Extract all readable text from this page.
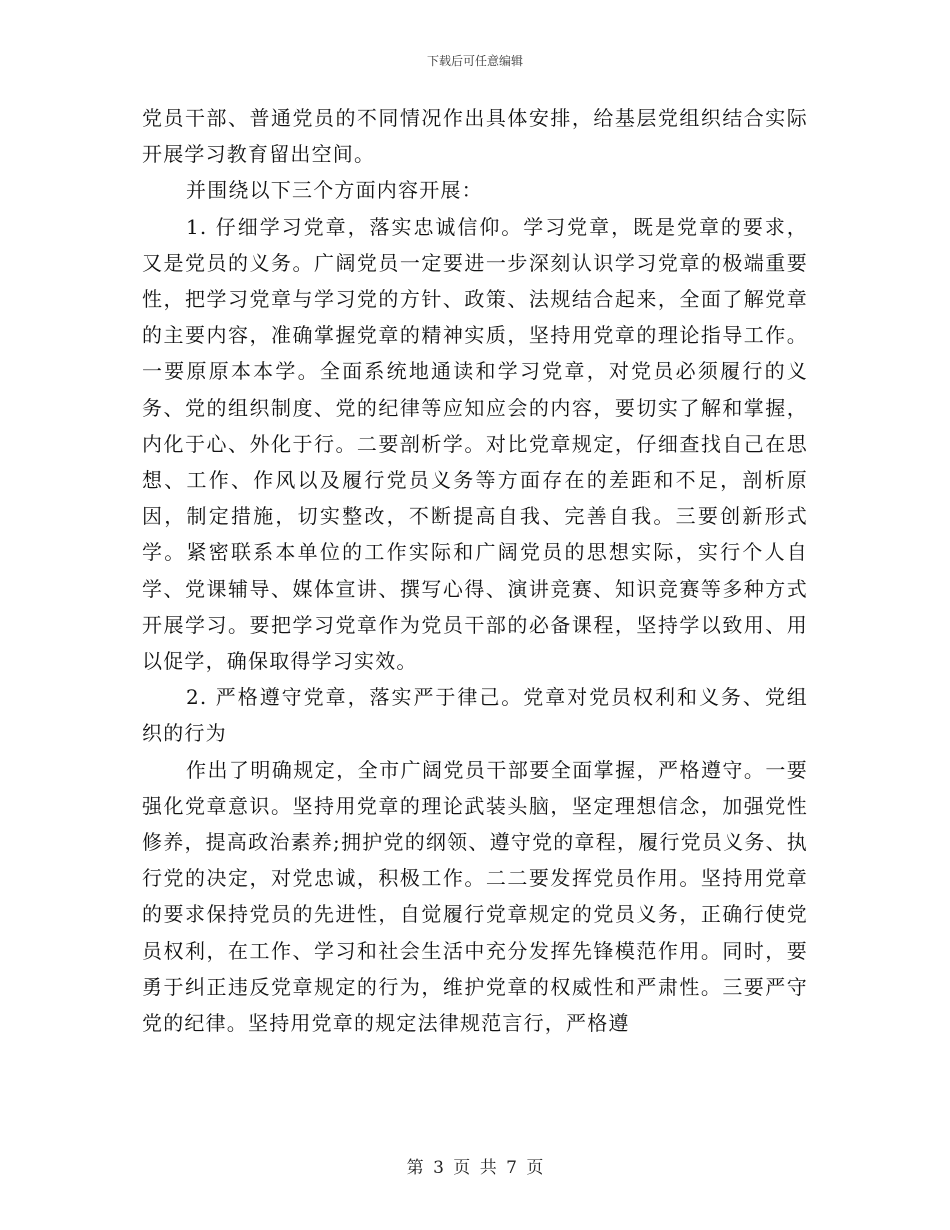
下载后可任意编辑

党员干部、普通党员的不同情况作出具体安排，给基层党组织结合实际开展学习教育留出空间。

并围绕以下三个方面内容开展：

1. 仔细学习党章，落实忠诚信仰。学习党章，既是党章的要求，又是党员的义务。广阔党员一定要进一步深刻认识学习党章的极端重要性，把学习党章与学习党的方针、政策、法规结合起来，全面了解党章的主要内容，准确掌握党章的精神实质，坚持用党章的理论指导工作。一要原原本本学。全面系统地通读和学习党章，对党员必须履行的义务、党的组织制度、党的纪律等应知应会的内容，要切实了解和掌握，内化于心、外化于行。二要剖析学。对比党章规定，仔细查找自己在思想、工作、作风以及履行党员义务等方面存在的差距和不足，剖析原因，制定措施，切实整改，不断提高自我、完善自我。三要创新形式学。紧密联系本单位的工作实际和广阔党员的思想实际，实行个人自学、党课辅导、媒体宣讲、撰写心得、演讲竞赛、知识竞赛等多种方式开展学习。要把学习党章作为党员干部的必备课程，坚持学以致用、用以促学，确保取得学习实效。

2. 严格遵守党章，落实严于律己。党章对党员权利和义务、党组织的行为

作出了明确规定，全市广阔党员干部要全面掌握，严格遵守。一要强化党章意识。坚持用党章的理论武装头脑，坚定理想信念，加强党性修养，提高政治素养;拥护党的纲领、遵守党的章程，履行党员义务、执行党的决定，对党忠诚，积极工作。二二要发挥党员作用。坚持用党章的要求保持党员的先进性，自觉履行党章规定的党员义务，正确行使党员权利，在工作、学习和社会生活中充分发挥先锋模范作用。同时，要勇于纠正违反党章规定的行为，维护党章的权威性和严肃性。三要严守党的纪律。坚持用党章的规定法律规范言行，严格遵

第 3 页 共 7 页
